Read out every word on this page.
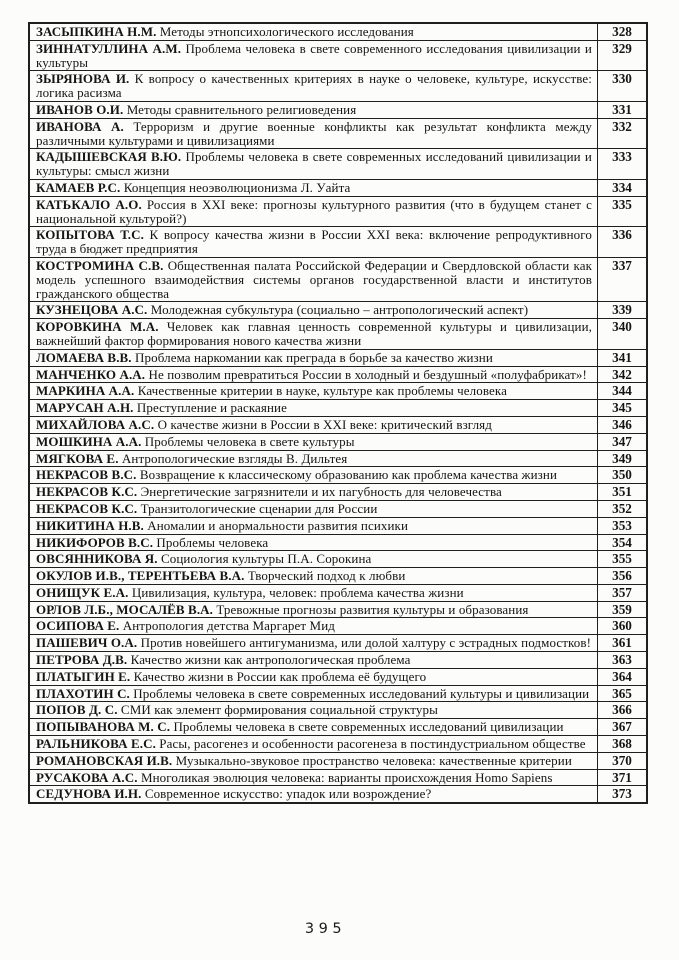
ЗАСЫПКИНА Н.М. Методы этнопсихологического исследования	328
ЗИННАТУЛЛИНА А.М. Проблема человека в свете современного исследования цивилизации и культуры	329
ЗЫРЯНОВА И. К вопросу о качественных критериях в науке о человеке, культуре, искусстве: логика расизма	330
ИВАНОВ О.И. Методы сравнительного религиоведения	331
ИВАНОВА А. Терроризм и другие военные конфликты как результат конфликта между различными культурами и цивилизациями	332
КАДЫШЕВСКАЯ В.Ю. Проблемы человека в свете современных исследований цивилизации и культуры: смысл жизни	333
КАМАЕВ Р.С. Концепция неоэволюционизма Л. Уайта	334
КАТЬКАЛО А.О. Россия в XXI веке: прогнозы культурного развития (что в будущем станет с национальной культурой?)	335
КОПЫТОВА Т.С. К вопросу качества жизни в России XXI века: включение репродуктивного труда в бюджет предприятия	336
КОСТРОМИНА С.В. Общественная палата Российской Федерации и Свердловской области как модель успешного взаимодействия системы органов государственной власти и институтов гражданского общества	337
КУЗНЕЦОВА А.С. Молодежная субкультура (социально – антропологический аспект)	339
КОРОВКИНА М.А. Человек как главная ценность современной культуры и цивилизации, важнейший фактор формирования нового качества жизни	340
ЛОМАЕВА В.В. Проблема наркомании как преграда в борьбе за качество жизни	341
МАНЧЕНКО А.А. Не позволим превратиться России в холодный и бездушный «полуфабрикат»!	342
МАРКИНА А.А. Качественные критерии в науке, культуре как проблемы человека	344
МАРУСАН А.Н. Преступление и раскаяние	345
МИХАЙЛОВА А.С. О качестве жизни в России в XXI веке: критический взгляд	346
МОШКИНА А.А. Проблемы человека в свете культуры	347
МЯГКОВА Е. Антропологические взгляды В. Дильтея	349
НЕКРАСОВ В.С. Возвращение к классическому образованию как проблема качества жизни	350
НЕКРАСОВ К.С. Энергетические загрязнители и их пагубность для человечества	351
НЕКРАСОВ К.С. Транзитологические сценарии для России	352
НИКИТИНА Н.В. Аномалии и анормальности развития психики	353
НИКИФОРОВ В.С. Проблемы человека	354
ОВСЯННИКОВА Я. Социология культуры П.А. Сорокина	355
ОКУЛОВ И.В., ТЕРЕНТЬЕВА В.А. Творческий подход к любви	356
ОНИЩУК Е.А. Цивилизация, культура, человек: проблема качества жизни	357
ОРЛОВ Л.Б., МОСАЛЁВ В.А. Тревожные прогнозы развития культуры и образования	359
ОСИПОВА Е. Антропология детства Маргарет Мид	360
ПАШЕВИЧ О.А. Против новейшего антигуманизма, или долой халтуру с эстрадных подмостков!	361
ПЕТРОВА Д.В. Качество жизни как антропологическая проблема	363
ПЛАТЫГИН Е. Качество жизни в России как проблема её будущего	364
ПЛАХОТИН С. Проблемы человека в свете современных исследований культуры и цивилизации	365
ПОПОВ Д. С. СМИ как элемент формирования социальной структуры	366
ПОПЫВАНОВА М. С. Проблемы человека в свете современных исследований цивилизации	367
РАЛЬНИКОВА Е.С. Расы, расогенез и особенности расогенеза в постиндустриальном обществе	368
РОМАНОВСКАЯ И.В. Музыкально-звуковое пространство человека: качественные критерии	370
РУСАКОВА А.С. Многоликая эволюция человека: варианты происхождения Homo Sapiens	371
СЕДУНОВА И.Н. Современное искусство: упадок или возрождение?	373
395
